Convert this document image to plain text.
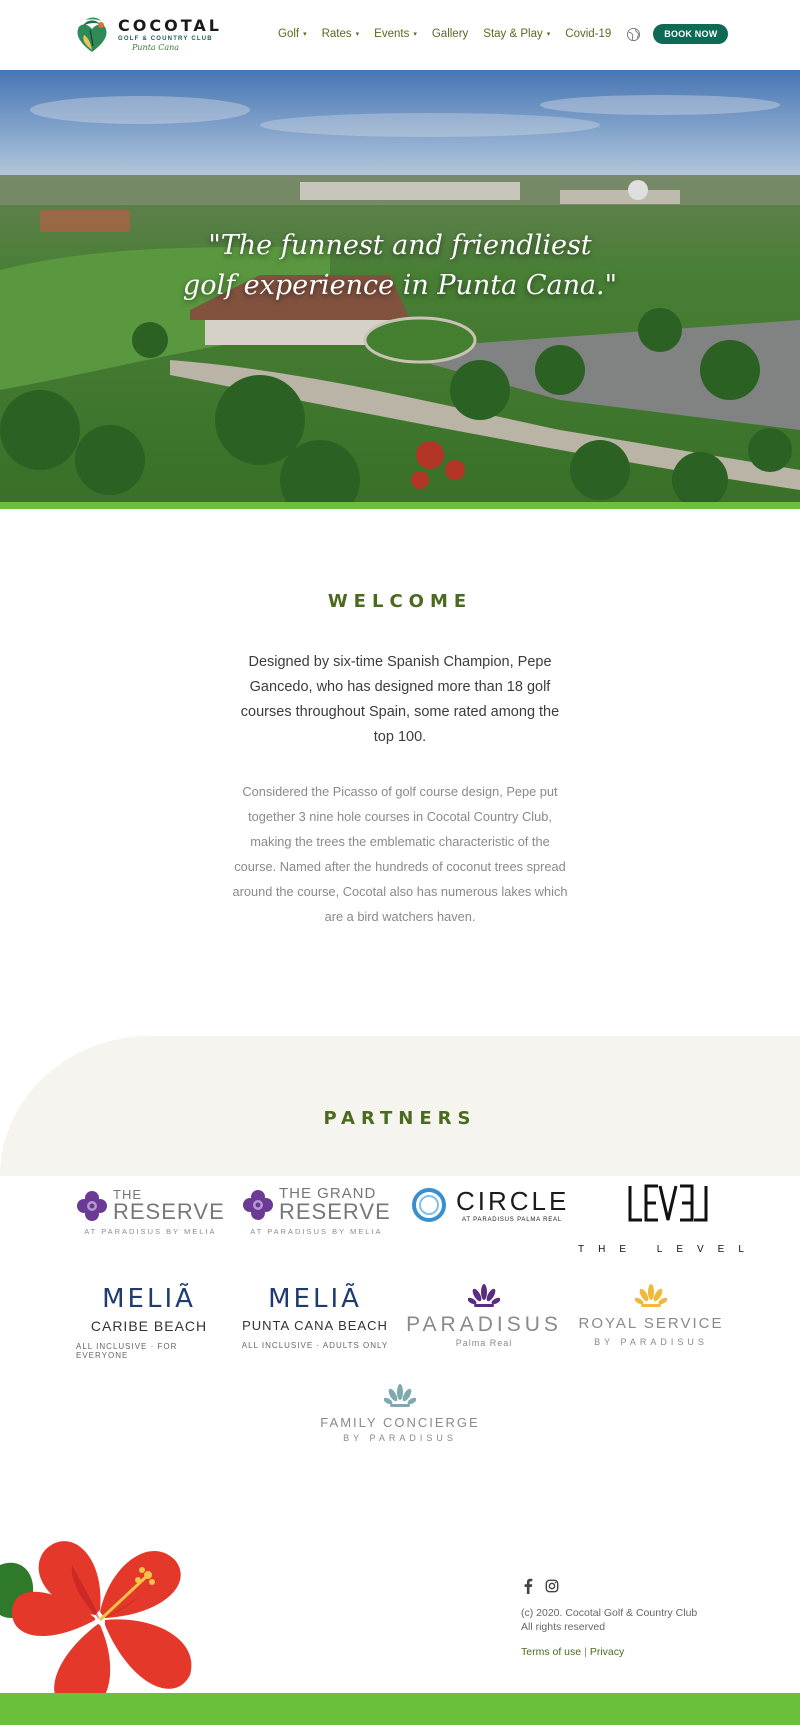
COCOTAL
GOLF & COUNTRY CLUB
Punta Cana
Golf ▾ Rates ▾ Events ▾ Gallery Stay & Play ▾ Covid-19	BOOK NOW
"The funnest and friendliest
golf experience in Punta Cana."
WELCOME

Designed by six-time Spanish Champion, Pepe Gancedo, who has designed more than 18 golf courses throughout Spain, some rated among the top 100.

Considered the Picasso of golf course design, Pepe put together 3 nine hole courses in Cocotal Country Club, making the trees the emblematic characteristic of the course. Named after the hundreds of coconut trees spread around the course, Cocotal also has numerous lakes which are a bird watchers haven.

PARTNERS
THE
RESERVE
AT PARADISUS BY MELIÁ
THE GRAND
RESERVE
AT PARADISUS BY MELIA
CIRCLE
AT PARADISUS PALMA REAL
THE LEVEL
MELIÃ
CARIBE BEACH
ALL INCLUSIVE · FOR EVERYONE
MELIÃ
PUNTA CANA BEACH
ALL INCLUSIVE · ADULTS ONLY
PARADISUS
Palma Real
ROYAL SERVICE
BY PARADISUS
FAMILY CONCIERGE
BY PARADISUS
(c) 2020. Cocotal Golf & Country Club
All rights reserved
Terms of use | Privacy
